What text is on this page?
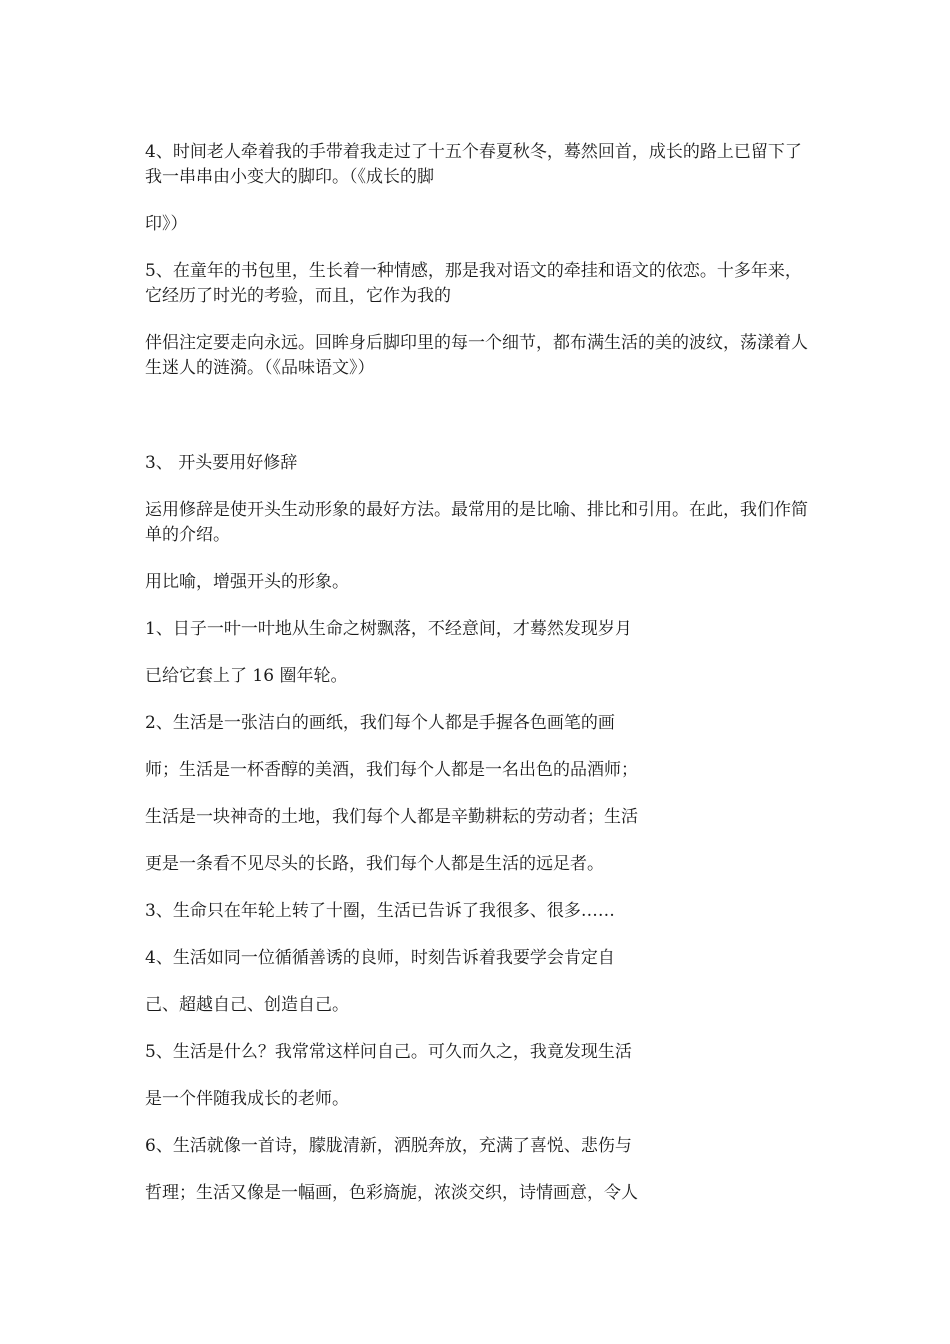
4、时间老人牵着我的手带着我走过了十五个春夏秋冬，蓦然回首，成长的路上已留下了我一串串由小变大的脚印。（《成长的脚

印》）

5、在童年的书包里，生长着一种情感，那是我对语文的牵挂和语文的依恋。十多年来，它经历了时光的考验，而且，它作为我的

伴侣注定要走向永远。回眸身后脚印里的每一个细节，都布满生活的美的波纹，荡漾着人生迷人的涟漪。（《品味语文》）

3、 开头要用好修辞

运用修辞是使开头生动形象的最好方法。最常用的是比喻、排比和引用。在此，我们作简单的介绍。

用比喻，增强开头的形象。

1、日子一叶一叶地从生命之树飘落，不经意间，才蓦然发现岁月

已给它套上了 16 圈年轮。

2、生活是一张洁白的画纸，我们每个人都是手握各色画笔的画

师；生活是一杯香醇的美酒，我们每个人都是一名出色的品酒师；

生活是一块神奇的土地，我们每个人都是辛勤耕耘的劳动者；生活

更是一条看不见尽头的长路，我们每个人都是生活的远足者。

3、生命只在年轮上转了十圈，生活已告诉了我很多、很多……

4、生活如同一位循循善诱的良师，时刻告诉着我要学会肯定自

己、超越自己、创造自己。

5、生活是什么？我常常这样问自己。可久而久之，我竟发现生活

是一个伴随我成长的老师。

6、生活就像一首诗，朦胧清新，洒脱奔放，充满了喜悦、悲伤与

哲理；生活又像是一幅画，色彩旖旎，浓淡交织，诗情画意，令人
